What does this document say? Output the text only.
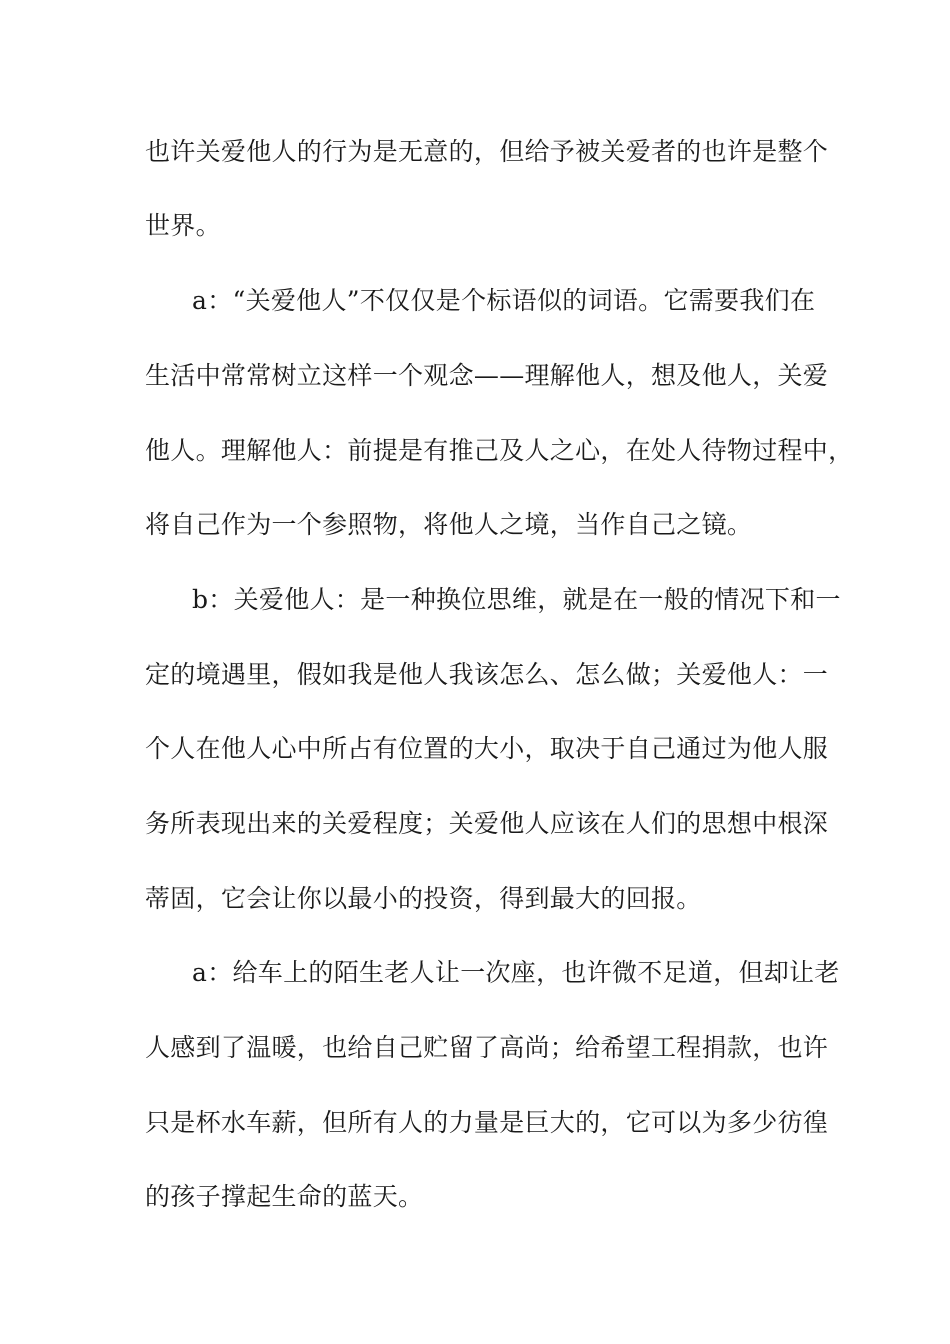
也许关爱他人的行为是无意的，但给予被关爱者的也许是整个
世界。
a：“关爱他人”不仅仅是个标语似的词语。它需要我们在
生活中常常树立这样一个观念——理解他人，想及他人，关爱
他人。理解他人：前提是有推己及人之心，在处人待物过程中，
将自己作为一个参照物，将他人之境，当作自己之镜。
b：关爱他人：是一种换位思维，就是在一般的情况下和一
定的境遇里，假如我是他人我该怎么、怎么做；关爱他人：一
个人在他人心中所占有位置的大小，取决于自己通过为他人服
务所表现出来的关爱程度；关爱他人应该在人们的思想中根深
蒂固，它会让你以最小的投资，得到最大的回报。
a：给车上的陌生老人让一次座，也许微不足道，但却让老
人感到了温暖，也给自己贮留了高尚；给希望工程捐款，也许
只是杯水车薪，但所有人的力量是巨大的，它可以为多少彷徨
的孩子撑起生命的蓝天。
